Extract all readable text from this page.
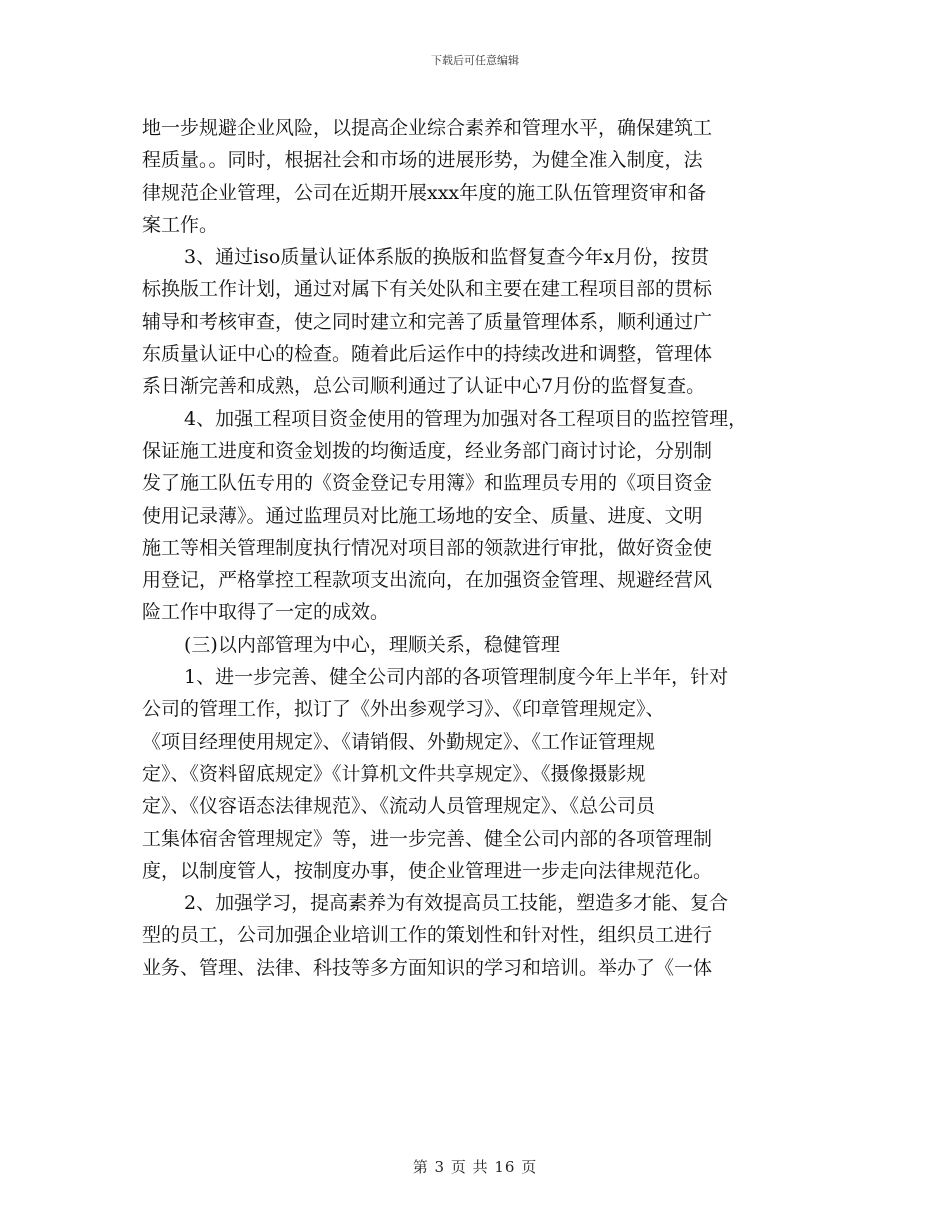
下载后可任意编辑
地一步规避企业风险，以提高企业综合素养和管理水平，确保建筑工
程质量。。同时，根据社会和市场的进展形势，为健全准入制度，法
律规范企业管理，公司在近期开展xxx年度的施工队伍管理资审和备
案工作。
3、通过iso质量认证体系版的换版和监督复查今年x月份，按贯
标换版工作计划，通过对属下有关处队和主要在建工程项目部的贯标
辅导和考核审查，使之同时建立和完善了质量管理体系，顺利通过广
东质量认证中心的检查。随着此后运作中的持续改进和调整，管理体
系日渐完善和成熟，总公司顺利通过了认证中心7月份的监督复查。
4、加强工程项目资金使用的管理为加强对各工程项目的监控管理，
保证施工进度和资金划拨的均衡适度，经业务部门商讨讨论，分别制
发了施工队伍专用的《资金登记专用簿》和监理员专用的《项目资金
使用记录薄》。通过监理员对比施工场地的安全、质量、进度、文明
施工等相关管理制度执行情况对项目部的领款进行审批，做好资金使
用登记，严格掌控工程款项支出流向，在加强资金管理、规避经营风
险工作中取得了一定的成效。
(三)以内部管理为中心，理顺关系，稳健管理
1、进一步完善、健全公司内部的各项管理制度今年上半年，针对
公司的管理工作，拟订了《外出参观学习》、《印章管理规定》、
《项目经理使用规定》、《请销假、外勤规定》、《工作证管理规
定》、《资料留底规定》《计算机文件共享规定》、《摄像摄影规
定》、《仪容语态法律规范》、《流动人员管理规定》、《总公司员
工集体宿舍管理规定》等，进一步完善、健全公司内部的各项管理制
度，以制度管人，按制度办事，使企业管理进一步走向法律规范化。
2、加强学习，提高素养为有效提高员工技能，塑造多才能、复合
型的员工，公司加强企业培训工作的策划性和针对性，组织员工进行
业务、管理、法律、科技等多方面知识的学习和培训。举办了《一体
第 3 页 共 16 页
